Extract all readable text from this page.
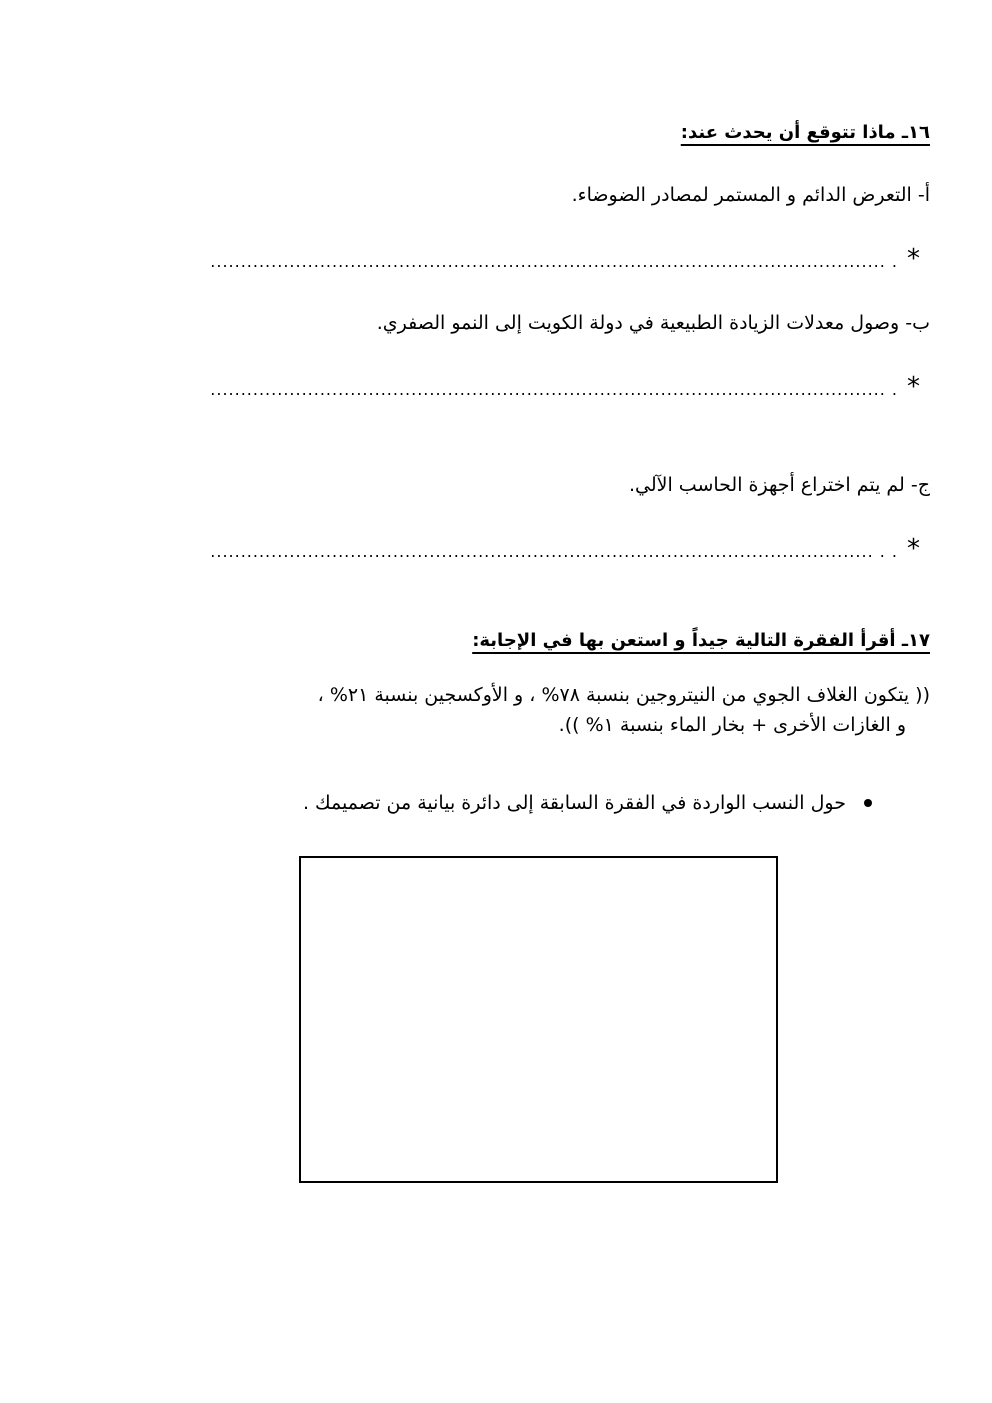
١٦ـ ماذا تتوقع أن يحدث عند:
أ- التعرض الدائم و المستمر لمصادر الضوضاء.
*
............................................................................................................... .
ب- وصول معدلات الزيادة الطبيعية في دولة الكويت إلى النمو الصفري.
*
............................................................................................................... .
ج- لم يتم اختراع أجهزة الحاسب الآلي.
*
............................................................................................................. . .
١٧ـ أقرأ الفقرة التالية جيداً و استعن بها في الإجابة:
(( يتكون الغلاف الجوي من النيتروجين بنسبة ٧٨% ، و الأوكسجين بنسبة ٢١% ،
و الغازات الأخرى + بخار الماء بنسبة ١% )).
حول النسب الواردة في الفقرة السابقة إلى دائرة بيانية من تصميمك .
